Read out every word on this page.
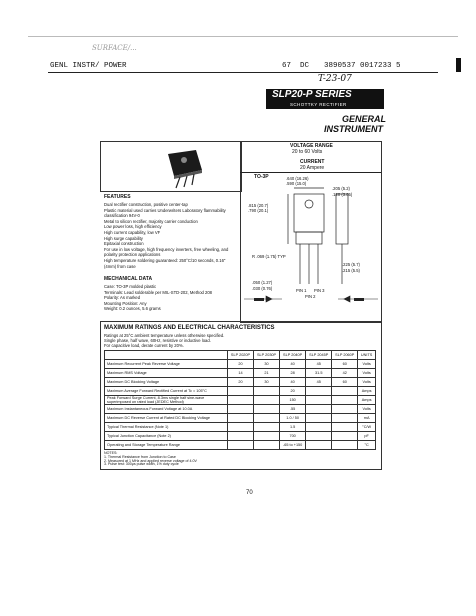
SURFACE/...
GENL INSTR/ POWER	67 DC 3890537 0017233 5
T-23-07
SLP20-P SERIES
SCHOTTKY RECTIFIER
GENERAL
INSTRUMENT
VOLTAGE RANGE
20 to 60 Volts
CURRENT
20 Ampere
TO-3P	.640 (16.26)
.590 (15.0)
.205 (5.2)
.120 (3.05)
.815 (20.7)
.790 (20.1)
R .069 (1.75) TYP
PIN 1
PIN 2
PIN 3
.225 (5.7)
.215 (5.5)
.050 (1.27)
.030 (0.76)
FEATURES
Dual rectifier construction, positive center-tap
Plastic material used carries Underwriters Laboratory flammability classification 94V-0
Metal to silicon rectifier, majority carrier conduction
Low power loss, high efficiency
High current capability, low VF
High surge capability
Epitaxial construction
For use in low voltage, high frequency inverters, free wheeling, and polarity protection applications
High temperature soldering guaranteed: 250°C/10 seconds, 0.16" (4mm) from case
MECHANICAL DATA
Case: TO-3P molded plastic
Terminals: Lead solderable per MIL-STD-202, Method 208
Polarity: As marked
Mounting Position: Any
Weight: 0.2 ounces, 5.6 grams
MAXIMUM RATINGS AND ELECTRICAL CHARACTERISTICS
Ratings at 25°C ambient temperature unless otherwise specified.
Single phase, half wave, 60Hz, resistive or inductive load.
For capacitive load, derate current by 20%.
	SLP 2020P	SLP 2030P	SLP 2040P	SLP 2045P	SLP 2060P	UNITS
Maximum Recurrent Peak Reverse Voltage	20	30	40	45	60	Volts
Maximum RMS Voltage	14	21	28	31.5	42	Volts
Maximum DC Blocking Voltage	20	30	40	45	60	Volts
Maximum Average Forward Rectified Current at Tc = 105°C			20			Amps
Peak Forward Surge Current, 8.3ms single half sine-wave superimposed on rated load (JEDEC Method)			150			Amps
Maximum Instantaneous Forward Voltage at 10.0A			.55			Volts
Maximum DC Reverse Current at Rated DC Blocking Voltage			1.0 / 50			mA
Typical Thermal Resistance (Note 1)			1.5			°C/W
Typical Junction Capacitance (Note 2)			700			pF
Operating and Storage Temperature Range			-65 to +150			°C
NOTES:
1. Thermal Resistance from Junction to Case
2. Measured at 1 MHz and applied reverse voltage of 4.0V
3. Pulse test: 300μs pulse width, 1% duty cycle
70
